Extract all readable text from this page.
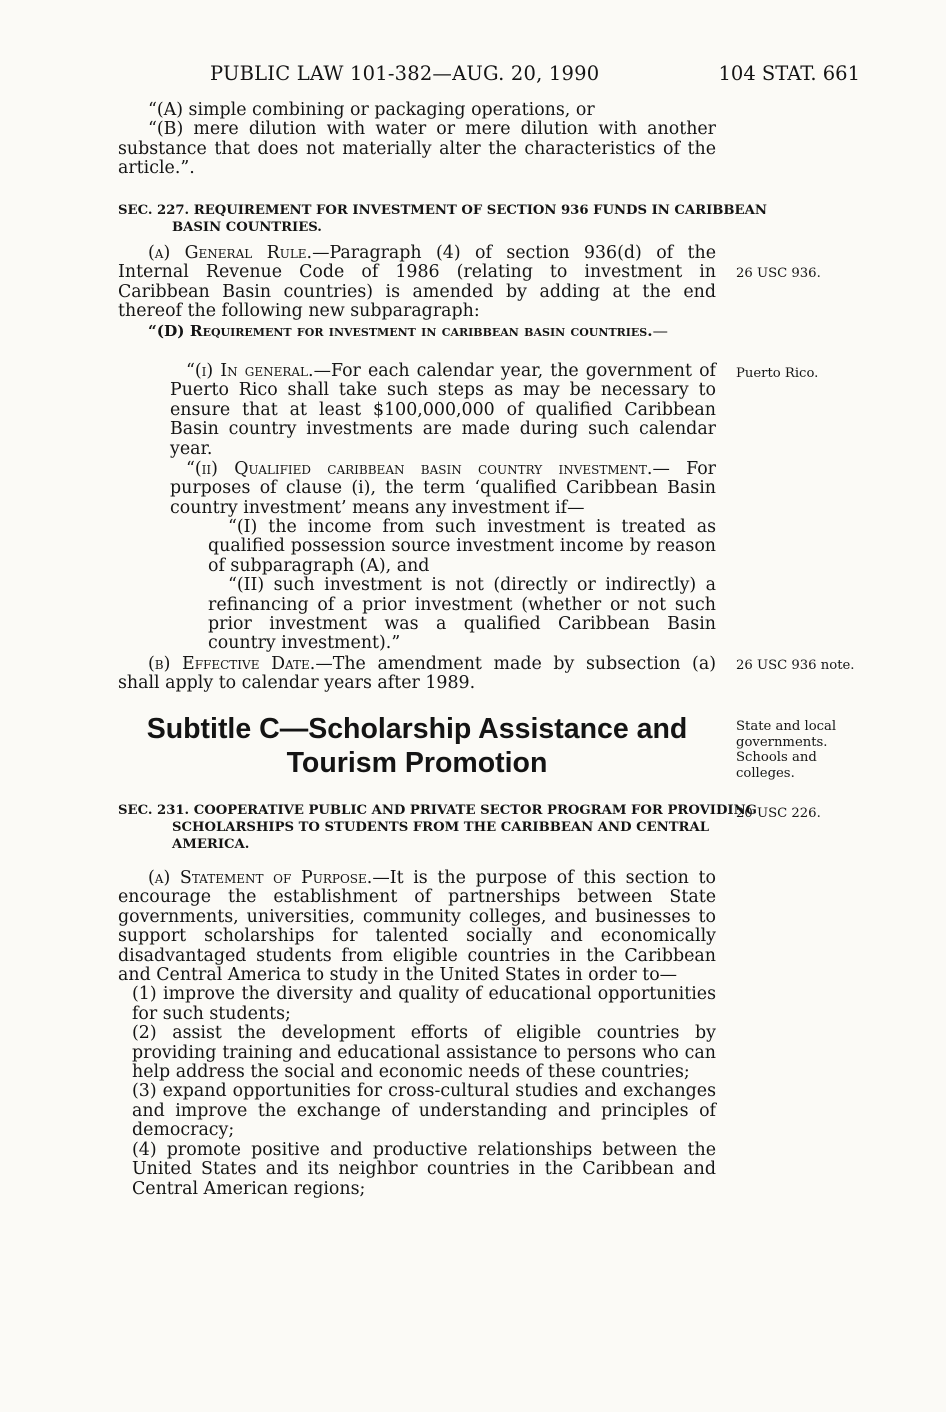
PUBLIC LAW 101-382—AUG. 20, 1990	104 STAT. 661

“(A) simple combining or packaging operations, or

“(B) mere dilution with water or mere dilution with another substance that does not materially alter the characteristics of the article.”.

SEC. 227. REQUIREMENT FOR INVESTMENT OF SECTION 936 FUNDS IN CARIBBEAN BASIN COUNTRIES.

(a) General Rule.—Paragraph (4) of section 936(d) of the Internal Revenue Code of 1986 (relating to investment in Caribbean Basin countries) is amended by adding at the end thereof the following new subparagraph:

“(D) Requirement for investment in caribbean basin countries.—

“(i) In general.—For each calendar year, the government of Puerto Rico shall take such steps as may be necessary to ensure that at least $100,000,000 of qualified Caribbean Basin country investments are made during such calendar year.

“(ii) Qualified caribbean basin country investment.— For purposes of clause (i), the term ‘qualified Caribbean Basin country investment’ means any investment if—

“(I) the income from such investment is treated as qualified possession source investment income by reason of subparagraph (A), and

“(II) such investment is not (directly or indirectly) a refinancing of a prior investment (whether or not such prior investment was a qualified Caribbean Basin country investment).”

(b) Effective Date.—The amendment made by subsection (a) shall apply to calendar years after 1989.

Subtitle C—Scholarship Assistance and
Tourism Promotion
SEC. 231. COOPERATIVE PUBLIC AND PRIVATE SECTOR PROGRAM FOR PROVIDING SCHOLARSHIPS TO STUDENTS FROM THE CARIBBEAN AND CENTRAL AMERICA.

(a) Statement of Purpose.—It is the purpose of this section to encourage the establishment of partnerships between State governments, universities, community colleges, and businesses to support scholarships for talented socially and economically disadvantaged students from eligible countries in the Caribbean and Central America to study in the United States in order to—

(1) improve the diversity and quality of educational opportunities for such students;

(2) assist the development efforts of eligible countries by providing training and educational assistance to persons who can help address the social and economic needs of these countries;

(3) expand opportunities for cross-cultural studies and exchanges and improve the exchange of understanding and principles of democracy;

(4) promote positive and productive relationships between the United States and its neighbor countries in the Caribbean and Central American regions;

26 USC 936.
Puerto Rico.
26 USC 936 note.
State and local
governments.
Schools and
colleges.
20 USC 226.
